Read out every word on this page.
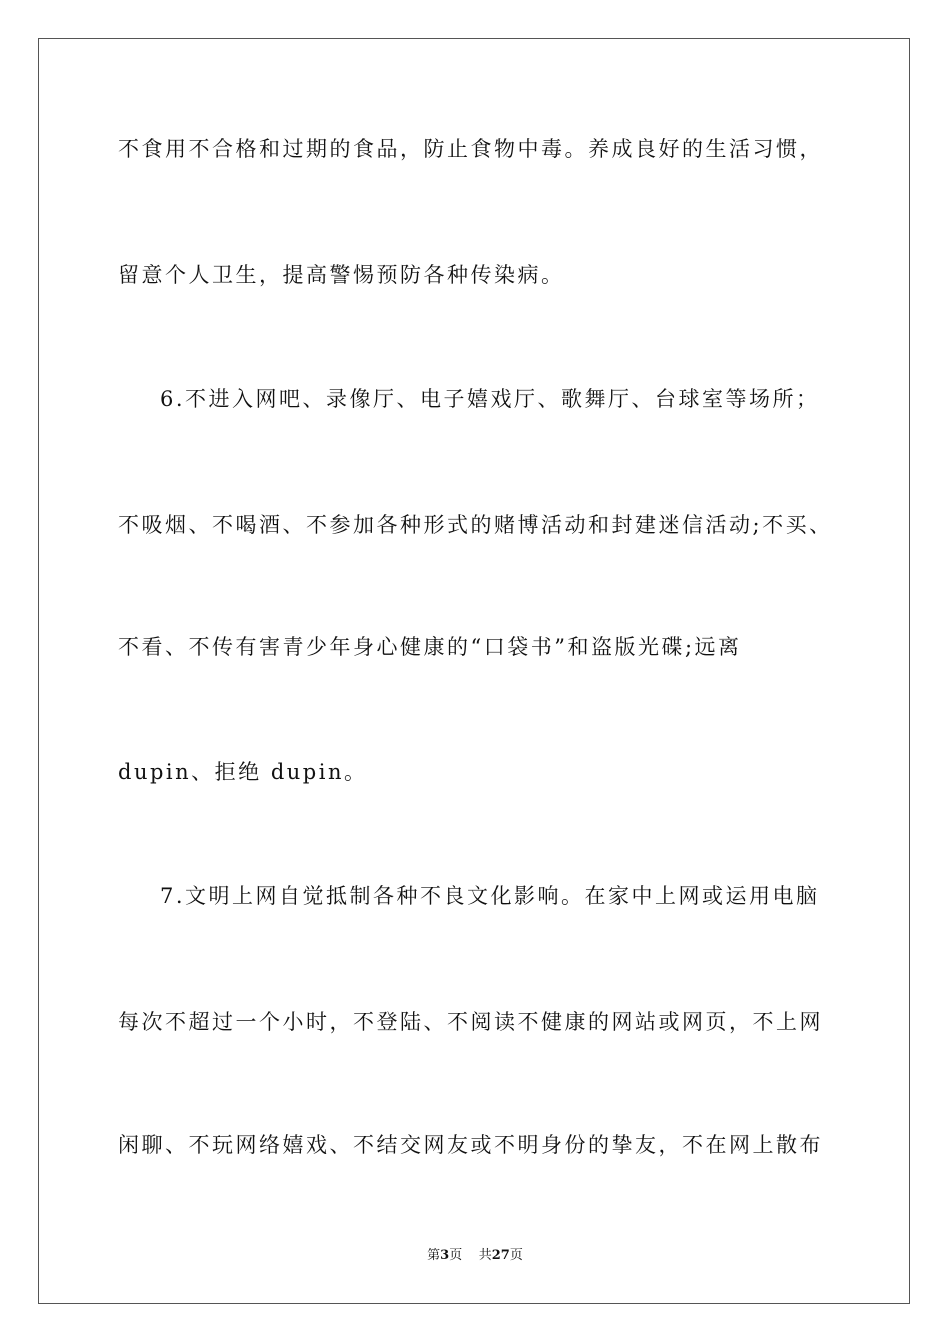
不食用不合格和过期的食品，防止食物中毒。养成良好的生活习惯，
留意个人卫生，提高警惕预防各种传染病。
6.不进入网吧、录像厅、电子嬉戏厅、歌舞厅、台球室等场所；
不吸烟、不喝酒、不参加各种形式的赌博活动和封建迷信活动;不买、
不看、不传有害青少年身心健康的“口袋书”和盗版光碟;远离
dupin、拒绝 dupin。
7.文明上网自觉抵制各种不良文化影响。在家中上网或运用电脑
每次不超过一个小时，不登陆、不阅读不健康的网站或网页，不上网
闲聊、不玩网络嬉戏、不结交网友或不明身份的挚友，不在网上散布
第3页 共27页
